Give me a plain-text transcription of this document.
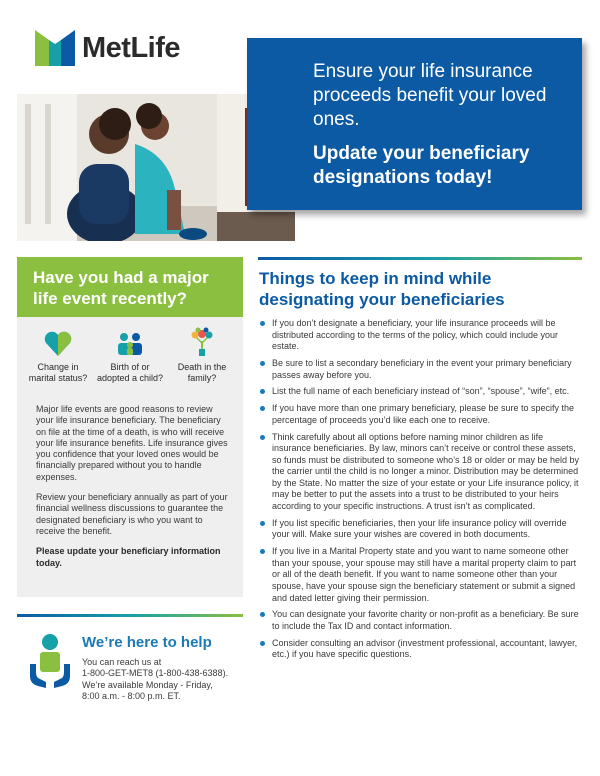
MetLife
Ensure your life insurance proceeds benefit your loved ones.
Update your beneficiary designations today!
Have you had a major life event recently?
Change in marital status?
Birth of or adopted a child?
Death in the family?

Major life events are good reasons to review your life insurance beneficiary. The beneficiary on file at the time of a death, is who will receive your life insurance benefits. Life insurance gives you confidence that your loved ones would be financially prepared without you to handle expenses.

Review your beneficiary annually as part of your financial wellness discussions to guarantee the designated beneficiary is who you want to receive the benefit.

Please update your beneficiary information today.

We’re here to help
You can reach us at
1-800-GET-MET8 (1-800-438-6388).
We’re available Monday - Friday,
8:00 a.m. - 8:00 p.m. ET.
Things to keep in mind while designating your beneficiaries
If you don’t designate a beneficiary, your life insurance proceeds will be distributed according to the terms of the policy, which could include your estate.
Be sure to list a secondary beneficiary in the event your primary beneficiary passes away before you.
List the full name of each beneficiary instead of “son”, “spouse”, “wife”, etc.
If you have more than one primary beneficiary, please be sure to specify the percentage of proceeds you’d like each one to receive.
Think carefully about all options before naming minor children as life insurance beneficiaries. By law, minors can’t receive or control these assets, so funds must be distributed to someone who’s 18 or older or may be held by the carrier until the child is no longer a minor. Distribution may be determined by the State. No matter the size of your estate or your Life insurance policy, it may be better to put the assets into a trust to be distributed to your heirs according to your specific instructions. A trust isn’t as complicated.
If you list specific beneficiaries, then your life insurance policy will override your will. Make sure your wishes are covered in both documents.
If you live in a Marital Property state and you want to name someone other than your spouse, your spouse may still have a marital property claim to part or all of the death benefit. If you want to name someone other than your spouse, have your spouse sign the beneficiary statement or submit a signed and dated letter giving their permission.
You can designate your favorite charity or non-profit as a beneficiary. Be sure to include the Tax ID and contact information.
Consider consulting an advisor (investment professional, accountant, lawyer, etc.) if you have specific questions.
